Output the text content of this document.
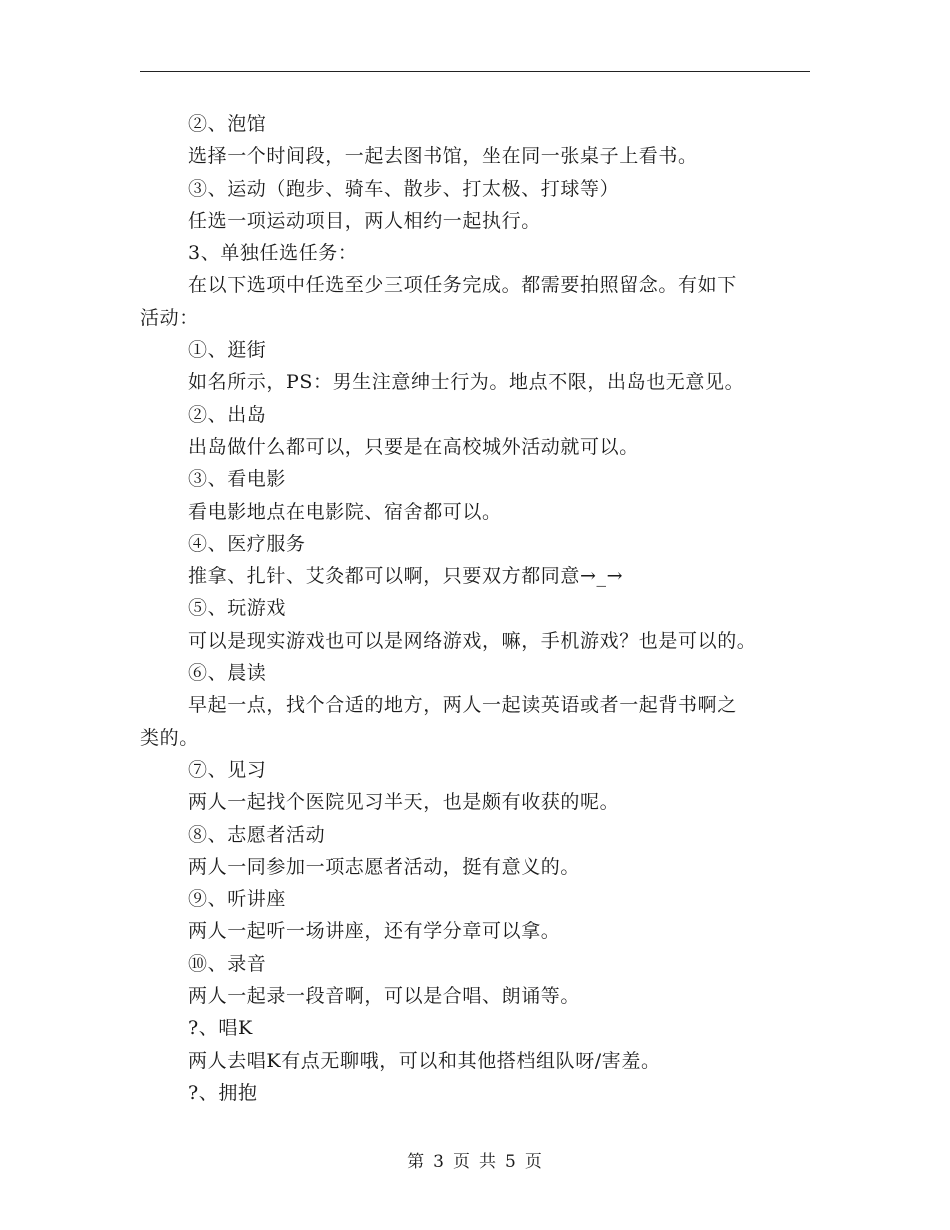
②、泡馆
选择一个时间段，一起去图书馆，坐在同一张桌子上看书。
③、运动（跑步、骑车、散步、打太极、打球等）
任选一项运动项目，两人相约一起执行。
3、单独任选任务：
在以下选项中任选至少三项任务完成。都需要拍照留念。有如下
活动：
①、逛街
如名所示，PS：男生注意绅士行为。地点不限，出岛也无意见。
②、出岛
出岛做什么都可以，只要是在高校城外活动就可以。
③、看电影
看电影地点在电影院、宿舍都可以。
④、医疗服务
推拿、扎针、艾灸都可以啊，只要双方都同意→_→
⑤、玩游戏
可以是现实游戏也可以是网络游戏，嘛，手机游戏？也是可以的。
⑥、晨读
早起一点，找个合适的地方，两人一起读英语或者一起背书啊之
类的。
⑦、见习
两人一起找个医院见习半天，也是颇有收获的呢。
⑧、志愿者活动
两人一同参加一项志愿者活动，挺有意义的。
⑨、听讲座
两人一起听一场讲座，还有学分章可以拿。
⑩、录音
两人一起录一段音啊，可以是合唱、朗诵等。
?、唱K
两人去唱K有点无聊哦，可以和其他搭档组队呀/害羞。
?、拥抱
第 3 页 共 5 页
